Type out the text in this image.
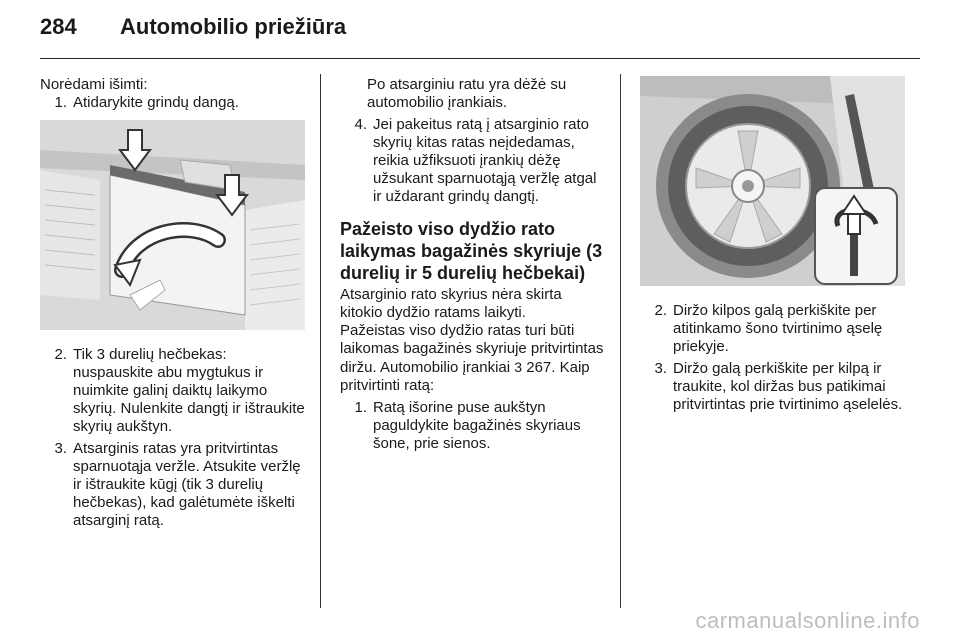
284	Automobilio priežiūra

Norėdami išimti:

1. Atidarykite grindų dangą.
2. Tik 3 durelių hečbekas: nuspauskite abu mygtukus ir nuimkite galinį daiktų laikymo skyrių. Nulenkite dangtį ir ištraukite skyrių aukštyn.
3. Atsarginis ratas yra pritvirtintas sparnuotąja veržle. Atsukite veržlę ir ištraukite kūgį (tik 3 durelių hečbekas), kad galėtumėte iškelti atsarginį ratą.

Po atsarginiu ratu yra dėžė su automobilio įrankiais.

4. Jei pakeitus ratą į atsarginio rato skyrių kitas ratas neįdedamas, reikia užfiksuoti įrankių dėžę užsukant sparnuotąją veržlę atgal ir uždarant grindų dangtį.

Pažeisto viso dydžio rato laikymas bagažinės skyriuje (3 durelių ir 5 durelių hečbekai)

Atsarginio rato skyrius nėra skirta kitokio dydžio ratams laikyti.

Pažeistas viso dydžio ratas turi būti laikomas bagažinės skyriuje pritvirtintas diržu. Automobilio įrankiai 3 267. Kaip pritvirtinti ratą:

1. Ratą išorine puse aukštyn paguldykite bagažinės skyriaus šone, prie sienos.
2. Diržo kilpos galą perkiškite per atitinkamo šono tvirtinimo ąselę priekyje.
3. Diržo galą perkiškite per kilpą ir traukite, kol diržas bus patikimai pritvirtintas prie tvirtinimo ąselelės.
carmanualsonline.info
